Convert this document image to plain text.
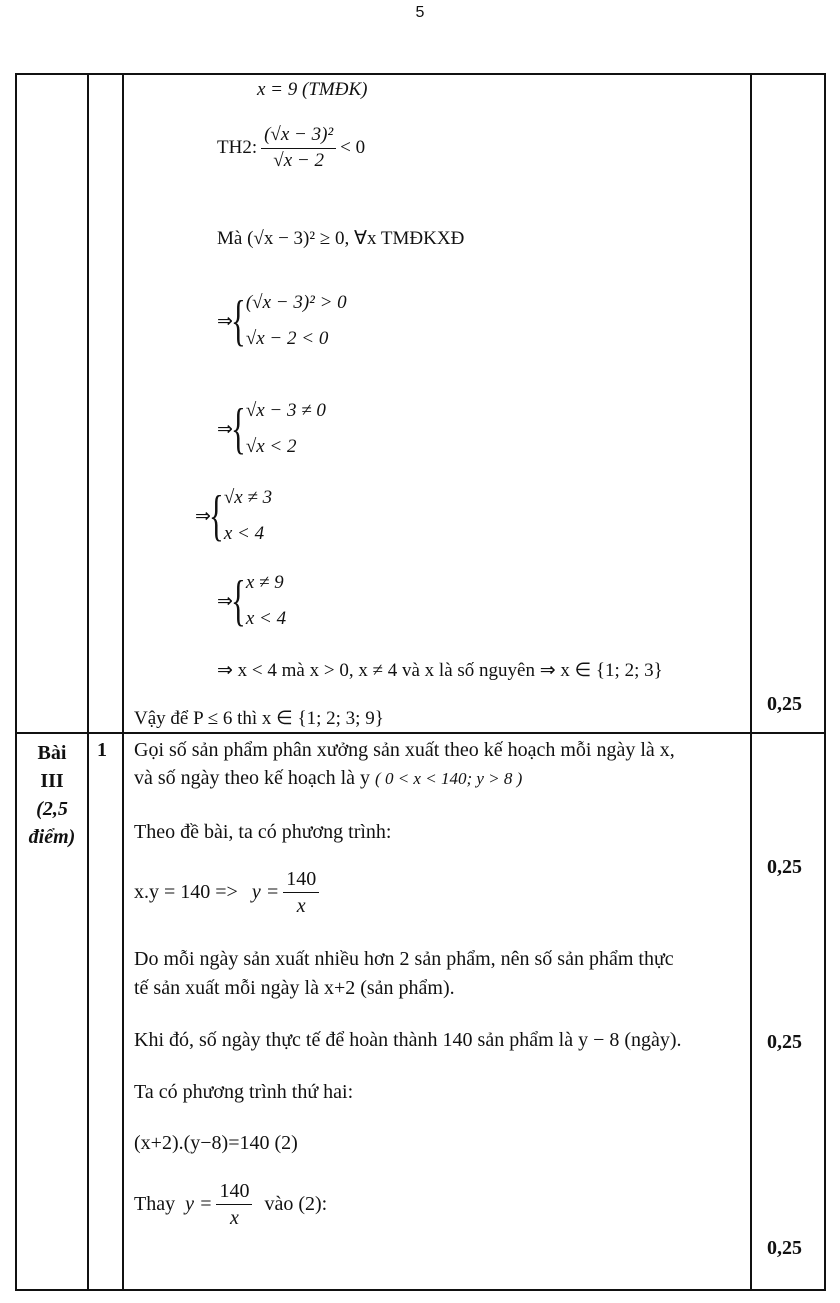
5
x = 9 (TMĐK)
TH2: $\frac{\text{(√x − 3)²}}{√x - 2} < 0$
Mà (√x − 3)² ≥ 0, ∀x TMĐKXĐ
⇒
{ (√x − 3)² > 0
√x − 2 < 0
⇒
{ √x − 3 ≠ 0
√x < 2
⇒
{ √x ≠ 3
x < 4
⇒
{ x ≠ 9
x < 4
⇒ x < 4 mà x > 0, x ≠ 4 và x là số nguyên ⇒ x ∈ {1; 2; 3}
Vậy để P ≤ 6 thì x ∈ {1; 2; 3; 9}
0,25
Bài
III
(2,5
điểm)
1 Gọi số sản phẩm phân xưởng sản xuất theo kế hoạch mỗi ngày là x,
và số ngày theo kế hoạch là y ( 0 < x < 140; y > 8 )
Theo đề bài, ta có phương trình:
$x.y = 140 => y = \frac{140}{x}$
0,25
Do mỗi ngày sản xuất nhiều hơn 2 sản phẩm, nên số sản phẩm thực
tế sản xuất mỗi ngày là x+2 (sản phẩm).
Khi đó, số ngày thực tế để hoàn thành 140 sản phẩm là y − 8 (ngày).	0,25
Ta có phương trình thứ hai:
(x+2).(y−8)=140 (2)
Thay $y = \frac{140}{x}$ vào (2):
0,25
